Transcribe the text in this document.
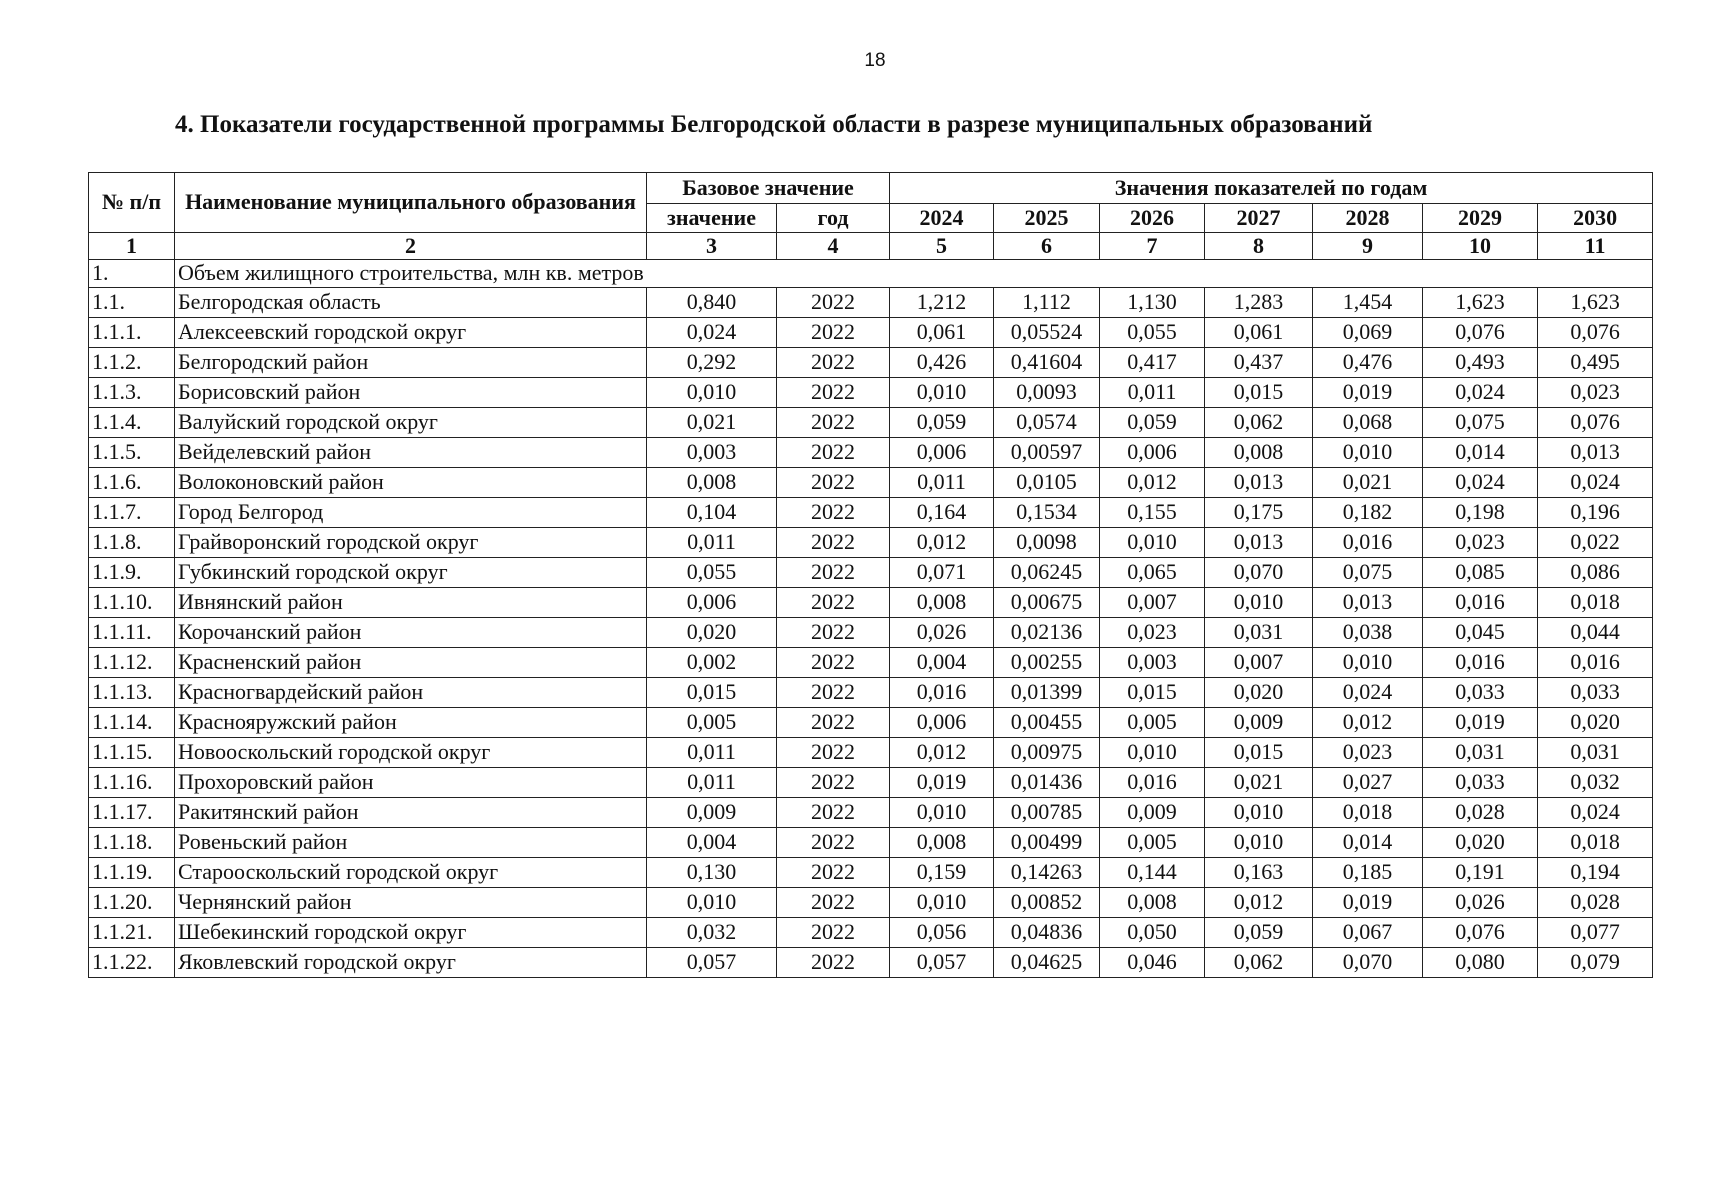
18
4. Показатели государственной программы Белгородской области в разрезе муниципальных образований
№ п/п	Наименование муниципального образования	Базовое значение		Значения показателей по годам						
		значение	год	2024	2025	2026	2027	2028	2029	2030
1	2	3	4	5	6	7	8	9	10	11
1.	Объем жилищного строительства, млн кв. метров									
1.1.	Белгородская область	0,840	2022	1,212	1,112	1,130	1,283	1,454	1,623	1,623
1.1.1.	Алексеевский городской округ	0,024	2022	0,061	0,05524	0,055	0,061	0,069	0,076	0,076
1.1.2.	Белгородский район	0,292	2022	0,426	0,41604	0,417	0,437	0,476	0,493	0,495
1.1.3.	Борисовский район	0,010	2022	0,010	0,0093	0,011	0,015	0,019	0,024	0,023
1.1.4.	Валуйский городской округ	0,021	2022	0,059	0,0574	0,059	0,062	0,068	0,075	0,076
1.1.5.	Вейделевский район	0,003	2022	0,006	0,00597	0,006	0,008	0,010	0,014	0,013
1.1.6.	Волоконовский район	0,008	2022	0,011	0,0105	0,012	0,013	0,021	0,024	0,024
1.1.7.	Город Белгород	0,104	2022	0,164	0,1534	0,155	0,175	0,182	0,198	0,196
1.1.8.	Грайворонский городской округ	0,011	2022	0,012	0,0098	0,010	0,013	0,016	0,023	0,022
1.1.9.	Губкинский городской округ	0,055	2022	0,071	0,06245	0,065	0,070	0,075	0,085	0,086
1.1.10.	Ивнянский район	0,006	2022	0,008	0,00675	0,007	0,010	0,013	0,016	0,018
1.1.11.	Корочанский район	0,020	2022	0,026	0,02136	0,023	0,031	0,038	0,045	0,044
1.1.12.	Красненский район	0,002	2022	0,004	0,00255	0,003	0,007	0,010	0,016	0,016
1.1.13.	Красногвардейский район	0,015	2022	0,016	0,01399	0,015	0,020	0,024	0,033	0,033
1.1.14.	Краснояружский район	0,005	2022	0,006	0,00455	0,005	0,009	0,012	0,019	0,020
1.1.15.	Новооскольский городской округ	0,011	2022	0,012	0,00975	0,010	0,015	0,023	0,031	0,031
1.1.16.	Прохоровский район	0,011	2022	0,019	0,01436	0,016	0,021	0,027	0,033	0,032
1.1.17.	Ракитянский район	0,009	2022	0,010	0,00785	0,009	0,010	0,018	0,028	0,024
1.1.18.	Ровеньский район	0,004	2022	0,008	0,00499	0,005	0,010	0,014	0,020	0,018
1.1.19.	Старооскольский городской округ	0,130	2022	0,159	0,14263	0,144	0,163	0,185	0,191	0,194
1.1.20.	Чернянский район	0,010	2022	0,010	0,00852	0,008	0,012	0,019	0,026	0,028
1.1.21.	Шебекинский городской округ	0,032	2022	0,056	0,04836	0,050	0,059	0,067	0,076	0,077
1.1.22.	Яковлевский городской округ	0,057	2022	0,057	0,04625	0,046	0,062	0,070	0,080	0,079
